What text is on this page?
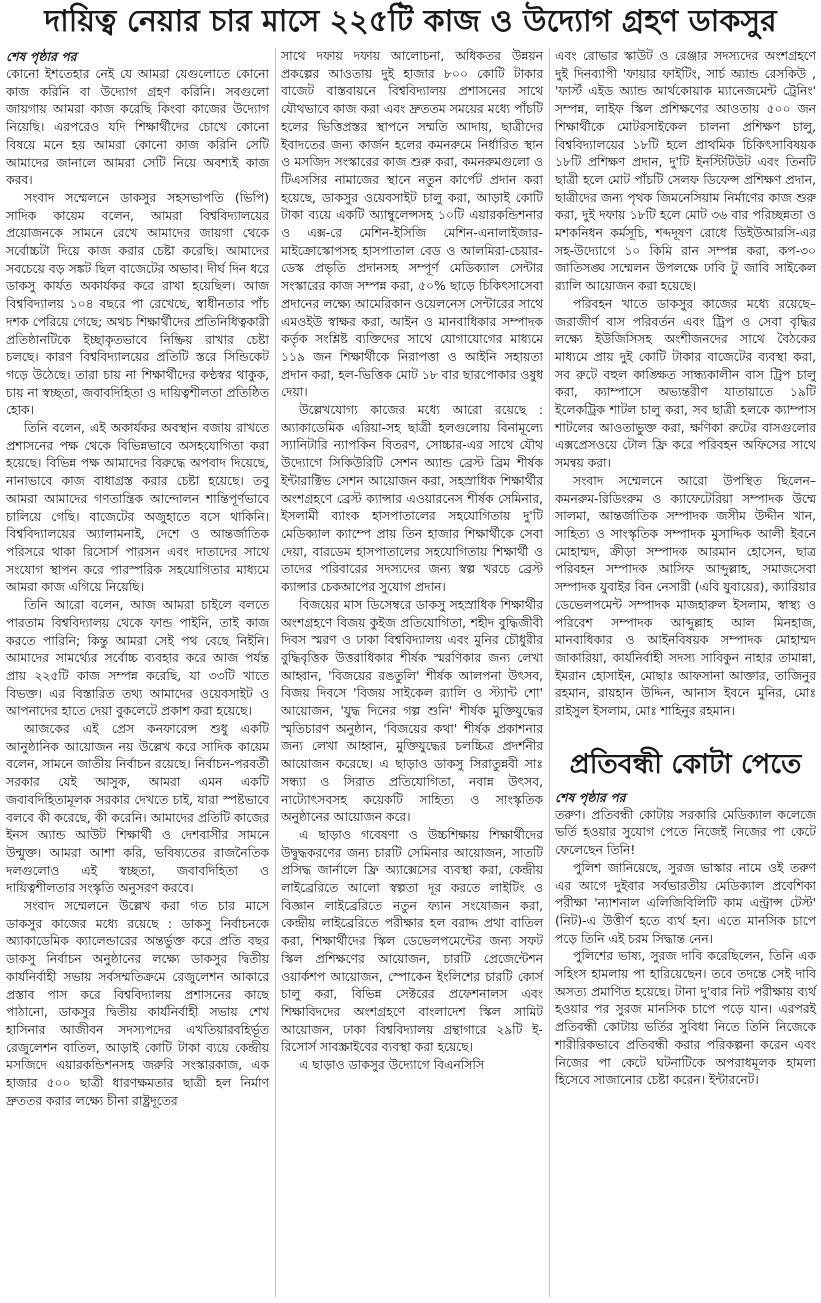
দায়িত্ব নেয়ার চার মাসে ২২৫টি কাজ ও উদ্যোগ গ্রহণ ডাকসুর
শেষ পৃষ্ঠার পর

কোনো ইশতেহার নেই যে আমরা যেগুলোতে কোনো কাজ করিনি বা উদ্যোগ গ্রহণ করিনি। সবগুলো জায়গায় আমরা কাজ করেছি কিংবা কাজের উদ্যোগ নিয়েছি। এরপরেও যদি শিক্ষার্থীদের চোখে কোনো বিষয়ে মনে হয় আমরা কোনো কাজ করিনি সেটি আমাদের জানালে আমরা সেটি নিয়ে অবশ্যই কাজ করব।

সংবাদ সম্মেলনে ডাকসুর সহসভাপতি (ভিপি) সাদিক কায়েম বলেন, আমরা বিশ্ববিদ্যালয়ের প্রয়োজনকে সামনে রেখে আমাদের জায়গা থেকে সর্বোচ্চটা দিয়ে কাজ করার চেষ্টা করেছি। আমাদের সবচেয়ে বড় সঙ্কট ছিল বাজেটের অভাব। দীর্ঘ দিন ধরে ডাকসু কার্যত অকার্যকর করে রাখা হয়েছিল। আজ বিশ্ববিদ্যালয় ১০৪ বছরে পা রেখেছে, স্বাধীনতার পাঁচ দশক পেরিয়ে গেছে; অথচ শিক্ষার্থীদের প্রতিনিধিত্বকারী প্রতিষ্ঠানটিকে ইচ্ছাকৃতভাবে নিষ্ক্রিয় রাখার চেষ্টা চলছে। কারণ বিশ্ববিদ্যালয়ের প্রতিটি স্তরে সিন্ডিকেট গড়ে উঠেছে। তারা চায় না শিক্ষার্থীদের কণ্ঠস্বর থাকুক, চায় না স্বচ্ছতা, জবাবদিহিতা ও দায়িত্বশীলতা প্রতিষ্ঠিত হোক।

তিনি বলেন, এই অকার্যকর অবস্থান বজায় রাখতে প্রশাসনের পক্ষ থেকে বিভিন্নভাবে অসহযোগিতা করা হয়েছে। বিভিন্ন পক্ষ আমাদের বিরুদ্ধে অপবাদ দিয়েছে, নানাভাবে কাজ বাধাগ্রস্ত করার চেষ্টা হয়েছে। তবু আমরা আমাদের গণতান্ত্রিক আন্দোলন শান্তিপূর্ণভাবে চালিয়ে গেছি। বাজেটের অজুহাতে বসে থাকিনি। বিশ্ববিদ্যালয়ের অ্যালামনাই, দেশে ও আন্তর্জাতিক পরিসরে থাকা রিসোর্স পারসন এবং দাতাদের সাথে সংযোগ স্থাপন করে পারস্পরিক সহযোগিতার মাধ্যমে আমরা কাজ এগিয়ে নিয়েছি।

তিনি আরো বলেন, আজ আমরা চাইলে বলতে পারতাম বিশ্ববিদ্যালয় থেকে ফান্ড পাইনি, তাই কাজ করতে পারিনি; কিন্তু আমরা সেই পথ বেছে নিইনি। আমাদের সামর্থ্যের সর্বোচ্চ ব্যবহার করে আজ পর্যন্ত প্রায় ২২৫টি কাজ সম্পন্ন করেছি, যা ৩৩টি খাতে বিভক্ত। এর বিস্তারিত তথ্য আমাদের ওয়েবসাইট ও আপনাদের হাতে দেয়া বুকলেটে প্রকাশ করা হয়েছে।

আজকের এই প্রেস কনফারেন্স শুধু একটি আনুষ্ঠানিক আয়োজন নয় উল্লেখ করে সাদিক কায়েম বলেন, সামনে জাতীয় নির্বাচন রয়েছে। নির্বাচন-পরবর্তী সরকার যেই আসুক, আমরা এমন একটি জবাবদিহিতামূলক সরকার দেখতে চাই, যারা স্পষ্টভাবে বলবে কী করেছে, কী করেনি। আমাদের প্রতিটি কাজের ইনস অ্যান্ড আউট শিক্ষার্থী ও দেশবাসীর সামনে উন্মুক্ত। আমরা আশা করি, ভবিষ্যতের রাজনৈতিক দলগুলোও এই স্বচ্ছতা, জবাবদিহিতা ও দায়িত্বশীলতার সংস্কৃতি অনুসরণ করবে।

সংবাদ সম্মেলনে উল্লেখ করা গত চার মাসে ডাকসুর কাজের মধ্যে রয়েছে : ডাকসু নির্বাচনকে অ্যাকাডেমিক ক্যালেন্ডারের অন্তর্ভুক্ত করে প্রতি বছর ডাকসু নির্বাচন অনুষ্ঠানের লক্ষ্যে ডাকসুর দ্বিতীয় কার্যনির্বাহী সভায় সর্বসম্মতিক্রমে রেজুলেশন আকারে প্রস্তাব পাস করে বিশ্ববিদ্যালয় প্রশাসনের কাছে পাঠানো, ডাকসুর দ্বিতীয় কার্যনির্বাহী সভায় শেখ হাসিনার আজীবন সদস্যপদের এখতিয়ারবহির্ভূত রেজুলেশন বাতিল, আড়াই কোটি টাকা ব্যয়ে কেন্দ্রীয় মসজিদে এয়ারকন্ডিশনসহ জরুরি সংস্কারকাজ, এক হাজার ৫০০ ছাত্রী ধারণক্ষমতার ছাত্রী হল নির্মাণ দ্রুততর করার লক্ষ্যে চীনা রাষ্ট্রদূতের

সাথে দফায় দফায় আলোচনা, অধিকতর উন্নয়ন প্রকল্পের আওতায় দুই হাজার ৮০০ কোটি টাকার বাজেট বাস্তবায়নে বিশ্ববিদ্যালয় প্রশাসনের সাথে যৌথভাবে কাজ করা এবং দ্রুততম সময়ের মধ্যে পাঁচটি হলের ভিত্তিপ্রস্তর স্থাপনে সম্মতি আদায়, ছাত্রীদের ইবাদতের জন্য কার্জন হলের কমনরুমে নির্ধারিত স্থান ও মসজিদ সংস্কারের কাজ শুরু করা, কমনরুমগুলো ও টিএসসির নামাজের স্থানে নতুন কার্পেট প্রদান করা হয়েছে, ডাকসুর ওয়েবসাইট চালু করা, আড়াই কোটি টাকা ব্যয়ে একটি অ্যাম্বুলেন্সসহ ১০টি এয়ারকন্ডিশনার ও এক্স-রে মেশিন-ইসিজি মেশিন-এনালাইজার-মাইক্রোস্কোপসহ হাসপাতাল বেড ও আলমিরা-চেয়ার-ডেস্ক প্রভৃতি প্রদানসহ সম্পূর্ণ মেডিক্যাল সেন্টার সংস্কারের কাজ সম্পন্ন করা, ৫০% ছাড়ে চিকিৎসাসেবা প্রদানের লক্ষ্যে আমেরিকান ওয়েলনেস সেন্টারের সাথে এমওইউ স্বাক্ষর করা, আইন ও মানবাধিকার সম্পাদক কর্তৃক সংশ্লিষ্ট ব্যক্তিদের সাথে যোগাযোগের মাধ্যমে ১১৯ জন শিক্ষার্থীকে নিরাপত্তা ও আইনি সহায়তা প্রদান করা, হল-ভিত্তিক মোট ১৮ বার ছারপোকার ওষুধ দেয়া।

উল্লেখযোগ্য কাজের মধ্যে আরো রয়েছে : অ্যাকাডেমিক এরিয়া-সহ ছাত্রী হলগুলোয় বিনামূল্যে স্যানিটারি ন্যাপকিন বিতরণ, সোচ্চার-এর সাথে যৌথ উদ্যোগে সিকিউরিটি সেশন অ্যান্ড ব্রেস্ট ব্রিম শীর্ষক ইন্টারাক্টিভ সেশন আয়োজন করা, সহস্রাধিক শিক্ষার্থীর অংশগ্রহণে ব্রেস্ট ক্যান্সার এওয়ারনেস শীর্ষক সেমিনার, ইসলামী ব্যাংক হাসপাতালের সহযোগিতায় দু'টি মেডিক্যাল ক্যাম্পে প্রায় তিন হাজার শিক্ষার্থীকে সেবা দেয়া, বারডেম হাসপাতালের সহযোগিতায় শিক্ষার্থী ও তাদের পরিবারের সদস্যদের জন্য স্বল্প খরচে ব্রেস্ট ক্যান্সার চেকআপের সুযোগ প্রদান।

বিজয়ের মাস ডিসেম্বরে ডাকসু সহস্রাধিক শিক্ষার্থীর অংশগ্রহণে বিজয় কুইজ প্রতিযোগিতা, শহীদ বুদ্ধিজীবী দিবস স্মরণ ও ঢাকা বিশ্ববিদ্যালয় এবং মুনির চৌধুরীর বুদ্ধিবৃত্তিক উত্তরাধিকার শীর্ষক স্মরণিকার জন্য লেখা আহ্বান, 'বিজয়ের রঙতুলি' শীর্ষক আলপনা উৎসব, বিজয় দিবসে 'বিজয় সাইকেল র‍্যালি ও স্ট্যান্ট শো' আয়োজন, 'যুদ্ধ দিনের গল্প শুনি' শীর্ষক মুক্তিযুদ্ধের স্মৃতিচারণ অনুষ্ঠান, 'বিজয়ের কথা' শীর্ষক প্রকাশনার জন্য লেখা আহ্বান, মুক্তিযুদ্ধের চলচ্চিত্র প্রদর্শনীর আয়োজন করেছে। এ ছাড়াও ডাকসু সিরাতুন্নবী সাঃ সন্ধ্যা ও সিরাত প্রতিযোগিতা, নবান্ন উৎসব, নাট্যোৎসবসহ কয়েকটি সাহিত্য ও সাংস্কৃতিক অনুষ্ঠানের আয়োজন করে।

এ ছাড়াও গবেষণা ও উচ্চশিক্ষায় শিক্ষার্থীদের উদ্বুদ্ধকরণের জন্য চারটি সেমিনার আয়োজন, সাতটি প্রসিদ্ধ জার্নালে ফ্রি অ্যাক্সেসের ব্যবস্থা করা, কেন্দ্রীয় লাইব্রেরিতে আলো স্বল্পতা দূর করতে লাইটিং ও বিজ্ঞান লাইব্রেরিতে নতুন ফ্যান সংযোজন করা, কেন্দ্রীয় লাইব্রেরিতে পরীক্ষার হল বরাদ্দ প্রথা বাতিল করা, শিক্ষার্থীদের স্কিল ডেভেলপমেন্টের জন্য সফট স্কিল প্রশিক্ষণের আয়োজন, চারটি প্রেজেন্টেশন ওয়ার্কশপ আয়োজন, স্পোকেন ইংলিশের চারটি কোর্স চালু করা, বিভিন্ন সেক্টরের প্রফেশনালস এবং শিক্ষাবিদদের অংশগ্রহণে বাংলাদেশ স্কিল সামিট আয়োজন, ঢাকা বিশ্ববিদ্যালয় গ্রন্থাগারে ২৯টি ই-রিসোর্স সাবস্ক্রাইবের ব্যবস্থা করা হয়েছে।

এ ছাড়াও ডাকসুর উদ্যোগে বিএনসিসি

এবং রোভার স্কাউট ও রেঞ্জার সদস্যদের অংশগ্রহণে দুই দিনব্যাপী 'ফায়ার ফাইটিং, সার্চ অ্যান্ড রেসকিউ , 'ফার্স্ট এইড অ্যান্ড আর্থকোয়াক ম্যানেজমেন্ট ট্রেনিং' সম্পন্ন, লাইফ স্কিল প্রশিক্ষণের আওতায় ৫০০ জন শিক্ষার্থীকে মোটরসাইকেল চালনা প্রশিক্ষণ চালু, বিশ্ববিদ্যালয়ের ১৮টি হলে প্রাথমিক চিকিৎসাবিষয়ক ১৮টি প্রশিক্ষণ প্রদান, দু'টি ইনস্টিটিউট এবং তিনটি ছাত্রী হলে মোট পাঁচটি সেলফ ডিফেন্স প্রশিক্ষণ প্রদান, ছাত্রীদের জন্য পৃথক জিমনেসিয়াম নির্মাণের কাজ শুরু করা, দুই দফায় ১৮টি হলে মোট ৩৬ বার পরিচ্ছন্নতা ও মশকনিধন কর্মসূচি, শব্দদূষণ রোধে ডিইউআরসি-এর সহ-উদ্যোগে ১০ কিমি রান সম্পন্ন করা, কপ-৩০ জাতিসঙ্ঘ সম্মেলন উপলক্ষে ঢাবি টু জাবি সাইকেল র‍্যালি আয়োজন করা হয়েছে।

পরিবহন খাতে ডাকসুর কাজের মধ্যে রয়েছে– জরাজীর্ণ বাস পরিবর্তন এবং ট্রিপ ও সেবা বৃদ্ধির লক্ষ্যে ইউজিসিসহ অংশীজনদের সাথে বৈঠকের মাধ্যমে প্রায় দুই কোটি টাকার বাজেটের ব্যবস্থা করা, সব রুটে বহুল কাঙ্ক্ষিত সান্ধ্যকালীন বাস ট্রিপ চালু করা, ক্যাম্পাসে অভ্যন্তরীণ যাতায়াতে ১৯টি ইলেকট্রিক শাটল চালু করা, সব ছাত্রী হলকে ক্যাম্পাস শাটলের আওতাভুক্ত করা, ক্ষণিকা রুটের বাসগুলোর এক্সপ্রেসওয়ে টোল ফ্রি করে পরিবহন অফিসের সাথে সমন্বয় করা।

সংবাদ সম্মেলনে আরো উপস্থিত ছিলেন– কমনরুম-রিডিংরুম ও ক্যাফেটেরিয়া সম্পাদক উম্মে সালমা, আন্তর্জাতিক সম্পাদক জসীম উদ্দীন খান, সাহিত্য ও সাংস্কৃতিক সম্পাদক মুসাদ্দিক আলী ইবনে মোহাম্মদ, ক্রীড়া সম্পাদক আরমান হোসেন, ছাত্র পরিবহন সম্পাদক আসিফ আব্দুল্লাহ, সমাজসেবা সম্পাদক যুবাইর বিন নেসারী (এবি যুবায়ের), ক্যারিয়ার ডেভেলপমেন্ট সম্পাদক মাজহারুল ইসলাম, স্বাস্থ্য ও পরিবেশ সম্পাদক আব্দুল্লাহ আল মিনহাজ, মানবাধিকার ও আইনবিষয়ক সম্পাদক মোহাম্মদ জাকারিয়া, কার্যনির্বাহী সদস্য সাবিকুন নাহার তামান্না, ইমরান হোসাইন, মোছাঃ আফসানা আক্তার, তাজিনুর রহমান, রায়হান উদ্দিন, আনাস ইবনে মুনির, মোঃ রাইসুল ইসলাম, মোঃ শাহিনুর রহমান।

প্রতিবন্ধী কোটা পেতে
শেষ পৃষ্ঠার পর

তরুণ। প্রতিবন্ধী কোটায় সরকারি মেডিক্যাল কলেজে ভর্তি হওয়ার সুযোগ পেতে নিজেই নিজের পা কেটে ফেলেছেন তিনি!

পুলিশ জানিয়েছে, সুরজ ভাস্কার নামে ওই তরুণ এর আগে দুইবার সর্বভারতীয় মেডিক্যাল প্রবেশিকা পরীক্ষা 'ন্যাশনাল এলিজিবিলিটি কাম এন্ট্রান্স টেস্ট' (নিট)-এ উত্তীর্ণ হতে ব্যর্থ হন। এতে মানসিক চাপে পড়ে তিনি এই চরম সিদ্ধান্ত নেন।

পুলিশের ভাষ্য, সুরজ দাবি করেছিলেন, তিনি এক সহিংস হামলায় পা হারিয়েছেন। তবে তদন্তে সেই দাবি অসত্য প্রমাণিত হয়েছে। টানা দু'বার নিট পরীক্ষায় ব্যর্থ হওয়ার পর সুরজ মানসিক চাপে পড়ে যান। এরপরই প্রতিবন্ধী কোটায় ভর্তির সুবিধা নিতে তিনি নিজেকে শারীরিকভাবে প্রতিবন্ধী করার পরিকল্পনা করেন এবং নিজের পা কেটে ঘটনাটিকে অপরাধমূলক হামলা হিসেবে সাজানোর চেষ্টা করেন। ইন্টারনেট।
